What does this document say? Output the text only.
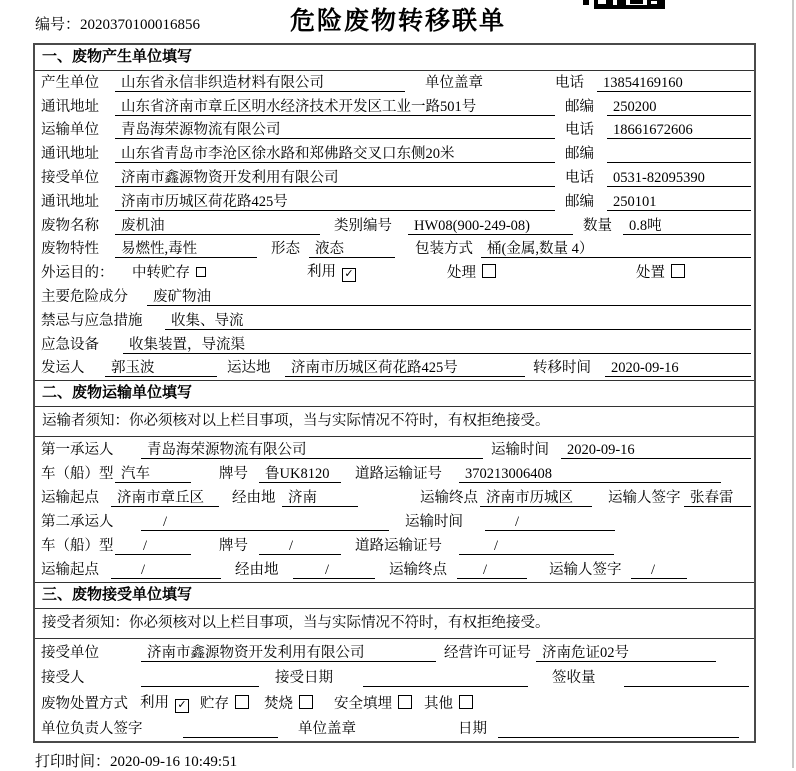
编号：2020370100016856	危险废物转移联单
一、废物产生单位填写
产生单位	山东省永信非织造材料有限公司	单位盖章	电话	13854169160
通讯地址	山东省济南市章丘区明水经济技术开发区工业一路501号	邮编	250200
运输单位	青岛海荣源物流有限公司	电话	18661672606
通讯地址	山东省青岛市李沧区徐水路和郑佛路交叉口东侧20米	邮编
接受单位	济南市鑫源物资开发利用有限公司	电话	0531-82095390
通讯地址	济南市历城区荷花路425号	邮编	250101
废物名称	废机油	类别编号	HW08(900-249-08)	数量	0.8吨
废物特性	易燃性,毒性	形态	液态	包装方式 桶(金属,数量 4）
外运目的：	中转贮存	利用 ✓	处理	处置
主要危险成分	废矿物油
禁忌与应急措施	收集、导流
应急设备	收集装置，导流渠
发运人	郭玉波	运达地	济南市历城区荷花路425号	转移时间	2020-09-16
二、废物运输单位填写
运输者须知：你必须核对以上栏目事项，当与实际情况不符时，有权拒绝接受。
第一承运人	青岛海荣源物流有限公司	运输时间	2020-09-16
车（船）型 汽车	牌号	鲁UK8120	道路运输证号	370213006408
运输起点	济南市章丘区	经由地 济南	运输终点 济南市历城区	运输人签字 张春雷
第二承运人	/	运输时间	/
车（船）型	/	牌号	/	道路运输证号	/
运输起点	/	经由地	/	运输终点	/	运输人签字	/
三、废物接受单位填写
接受者须知：你必须核对以上栏目事项，当与实际情况不符时，有权拒绝接受。
接受单位	济南市鑫源物资开发利用有限公司	经营许可证号 济南危证02号
接受人	接受日期	签收量
废物处置方式 利用 ✓ 贮存	焚烧	安全填埋	其他
单位负责人签字	单位盖章	日期
打印时间：2020-09-16 10:49:51
